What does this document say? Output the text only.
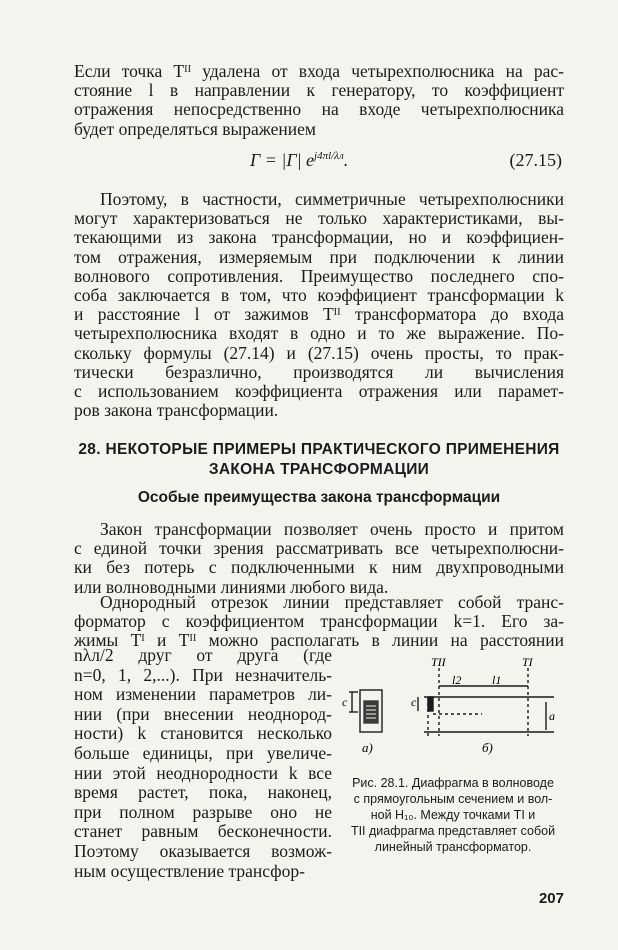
Если точка Тᴵᴵ удалена от входа четырехполюсника на рас-
стояние l в направлении к генератору, то коэффициент
отражения непосредственно на входе четырехполюсника
будет определяться выражением
Γ = |Γ| $e^{j4\pi l/\lambda л}$.	(27.15)
Поэтому, в частности, симметричные четырехполюсники
могут характеризоваться не только характеристиками, вы-
текающими из закона трансформации, но и коэффициен-
том отражения, измеряемым при подключении к линии
волнового сопротивления. Преимущество последнего спо-
соба заключается в том, что коэффициент трансформации k
и расстояние l от зажимов Тᴵᴵ трансформатора до входа
четырехполюсника входят в одно и то же выражение. По-
скольку формулы (27.14) и (27.15) очень просты, то прак-
тически безразлично, производятся ли вычисления
с использованием коэффициента отражения или парамет-
ров закона трансформации.
28. НЕКОТОРЫЕ ПРИМЕРЫ ПРАКТИЧЕСКОГО ПРИМЕНЕНИЯ
ЗАКОНА ТРАНСФОРМАЦИИ
Особые преимущества закона трансформации
Закон трансформации позволяет очень просто и притом
с единой точки зрения рассматривать все четырехполюсни-
ки без потерь с подключенными к ним двухпроводными
или волноводными линиями любого вида.
Однородный отрезок линии представляет собой транс-
форматор с коэффициентом трансформации k=1. Его за-
жимы Тᴵ и Тᴵᴵ можно располагать в линии на расстоянии
nλл/2 друг от друга (где
n=0, 1, 2,...). При незначитель-
ном изменении параметров ли-
нии (при внесении неоднород-
ности) k становится несколько
больше единицы, при увеличе-
нии этой неоднородности k все
время растет, пока, наконец,
при полном разрыве оно не
станет равным бесконечности.
Поэтому оказывается возмож-
ным осуществление трансфор-
c
a)
TII	TI
l2	l1
c
a
б)
Рис. 28.1. Диафрагма в волноводе
с прямоугольным сечением и вол-
ной H₁₀. Между точками TI и
TII диафрагма представляет собой
линейный трансформатор.
207
